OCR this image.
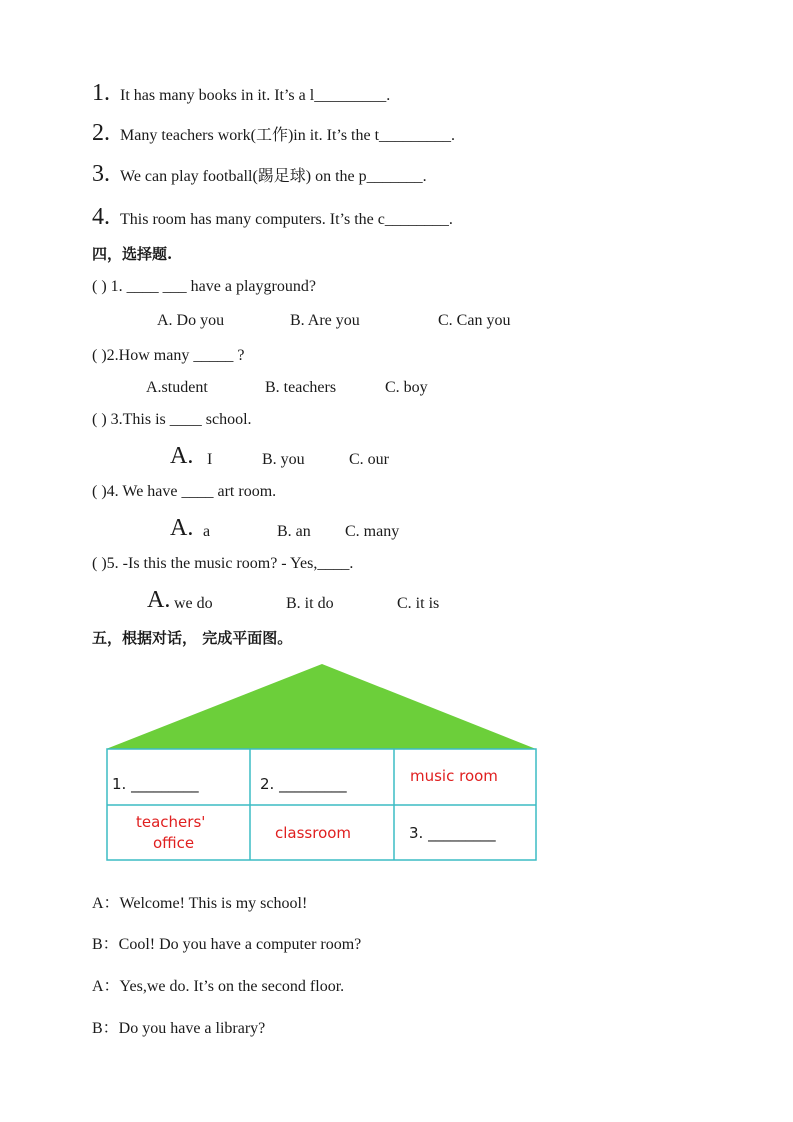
1. It has many books in it. It’s a l_________.
2. Many teachers work(工作)in it. It’s the t_________.
3. We can play football(踢足球) on the p_______.
4. This room has many computers. It’s the c________.
四，选择题.
( ) 1. ____ ___ have a playground?
A. Do you	B. Are you	C. Can you
( )2.How many _____ ?
A.student	B. teachers	C. boy
( ) 3.This is ____ school.
A. I	B. you	C. our
( )4. We have ____ art room.
A. a	B. an C. many
( )5. -Is this the music room? - Yes,____.
A. we do	B. it do	C. it is
五，根据对话， 完成平面图。
1. _________	2. _________	music room
teachers'
office
classroom	3. _________
A：Welcome! This is my school!
B：Cool! Do you have a computer room?
A：Yes,we do. It’s on the second floor.
B：Do you have a library?
